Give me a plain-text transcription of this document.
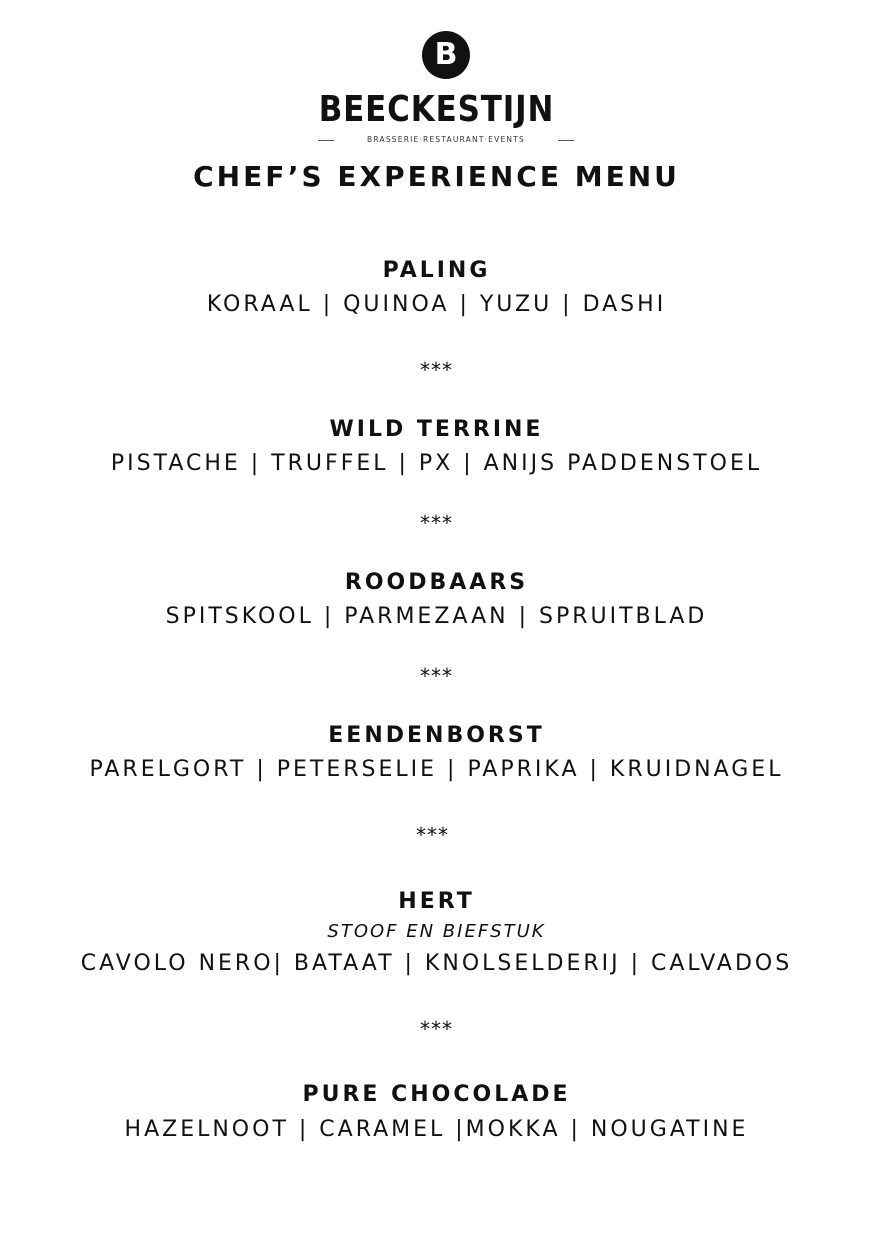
B
BEECKESTIJN
BRASSERIE·RESTAURANT·EVENTS
CHEF’S EXPERIENCE MENU
PALING
KORAAL | QUINOA | YUZU | DASHI
***
WILD TERRINE
PISTACHE | TRUFFEL | PX | ANIJS PADDENSTOEL
***
ROODBAARS
SPITSKOOL | PARMEZAAN | SPRUITBLAD
***
EENDENBORST
PARELGORT | PETERSELIE | PAPRIKA | KRUIDNAGEL
***
HERT
STOOF EN BIEFSTUK
CAVOLO NERO| BATAAT | KNOLSELDERIJ | CALVADOS
***
PURE CHOCOLADE
HAZELNOOT | CARAMEL |MOKKA | NOUGATINE
